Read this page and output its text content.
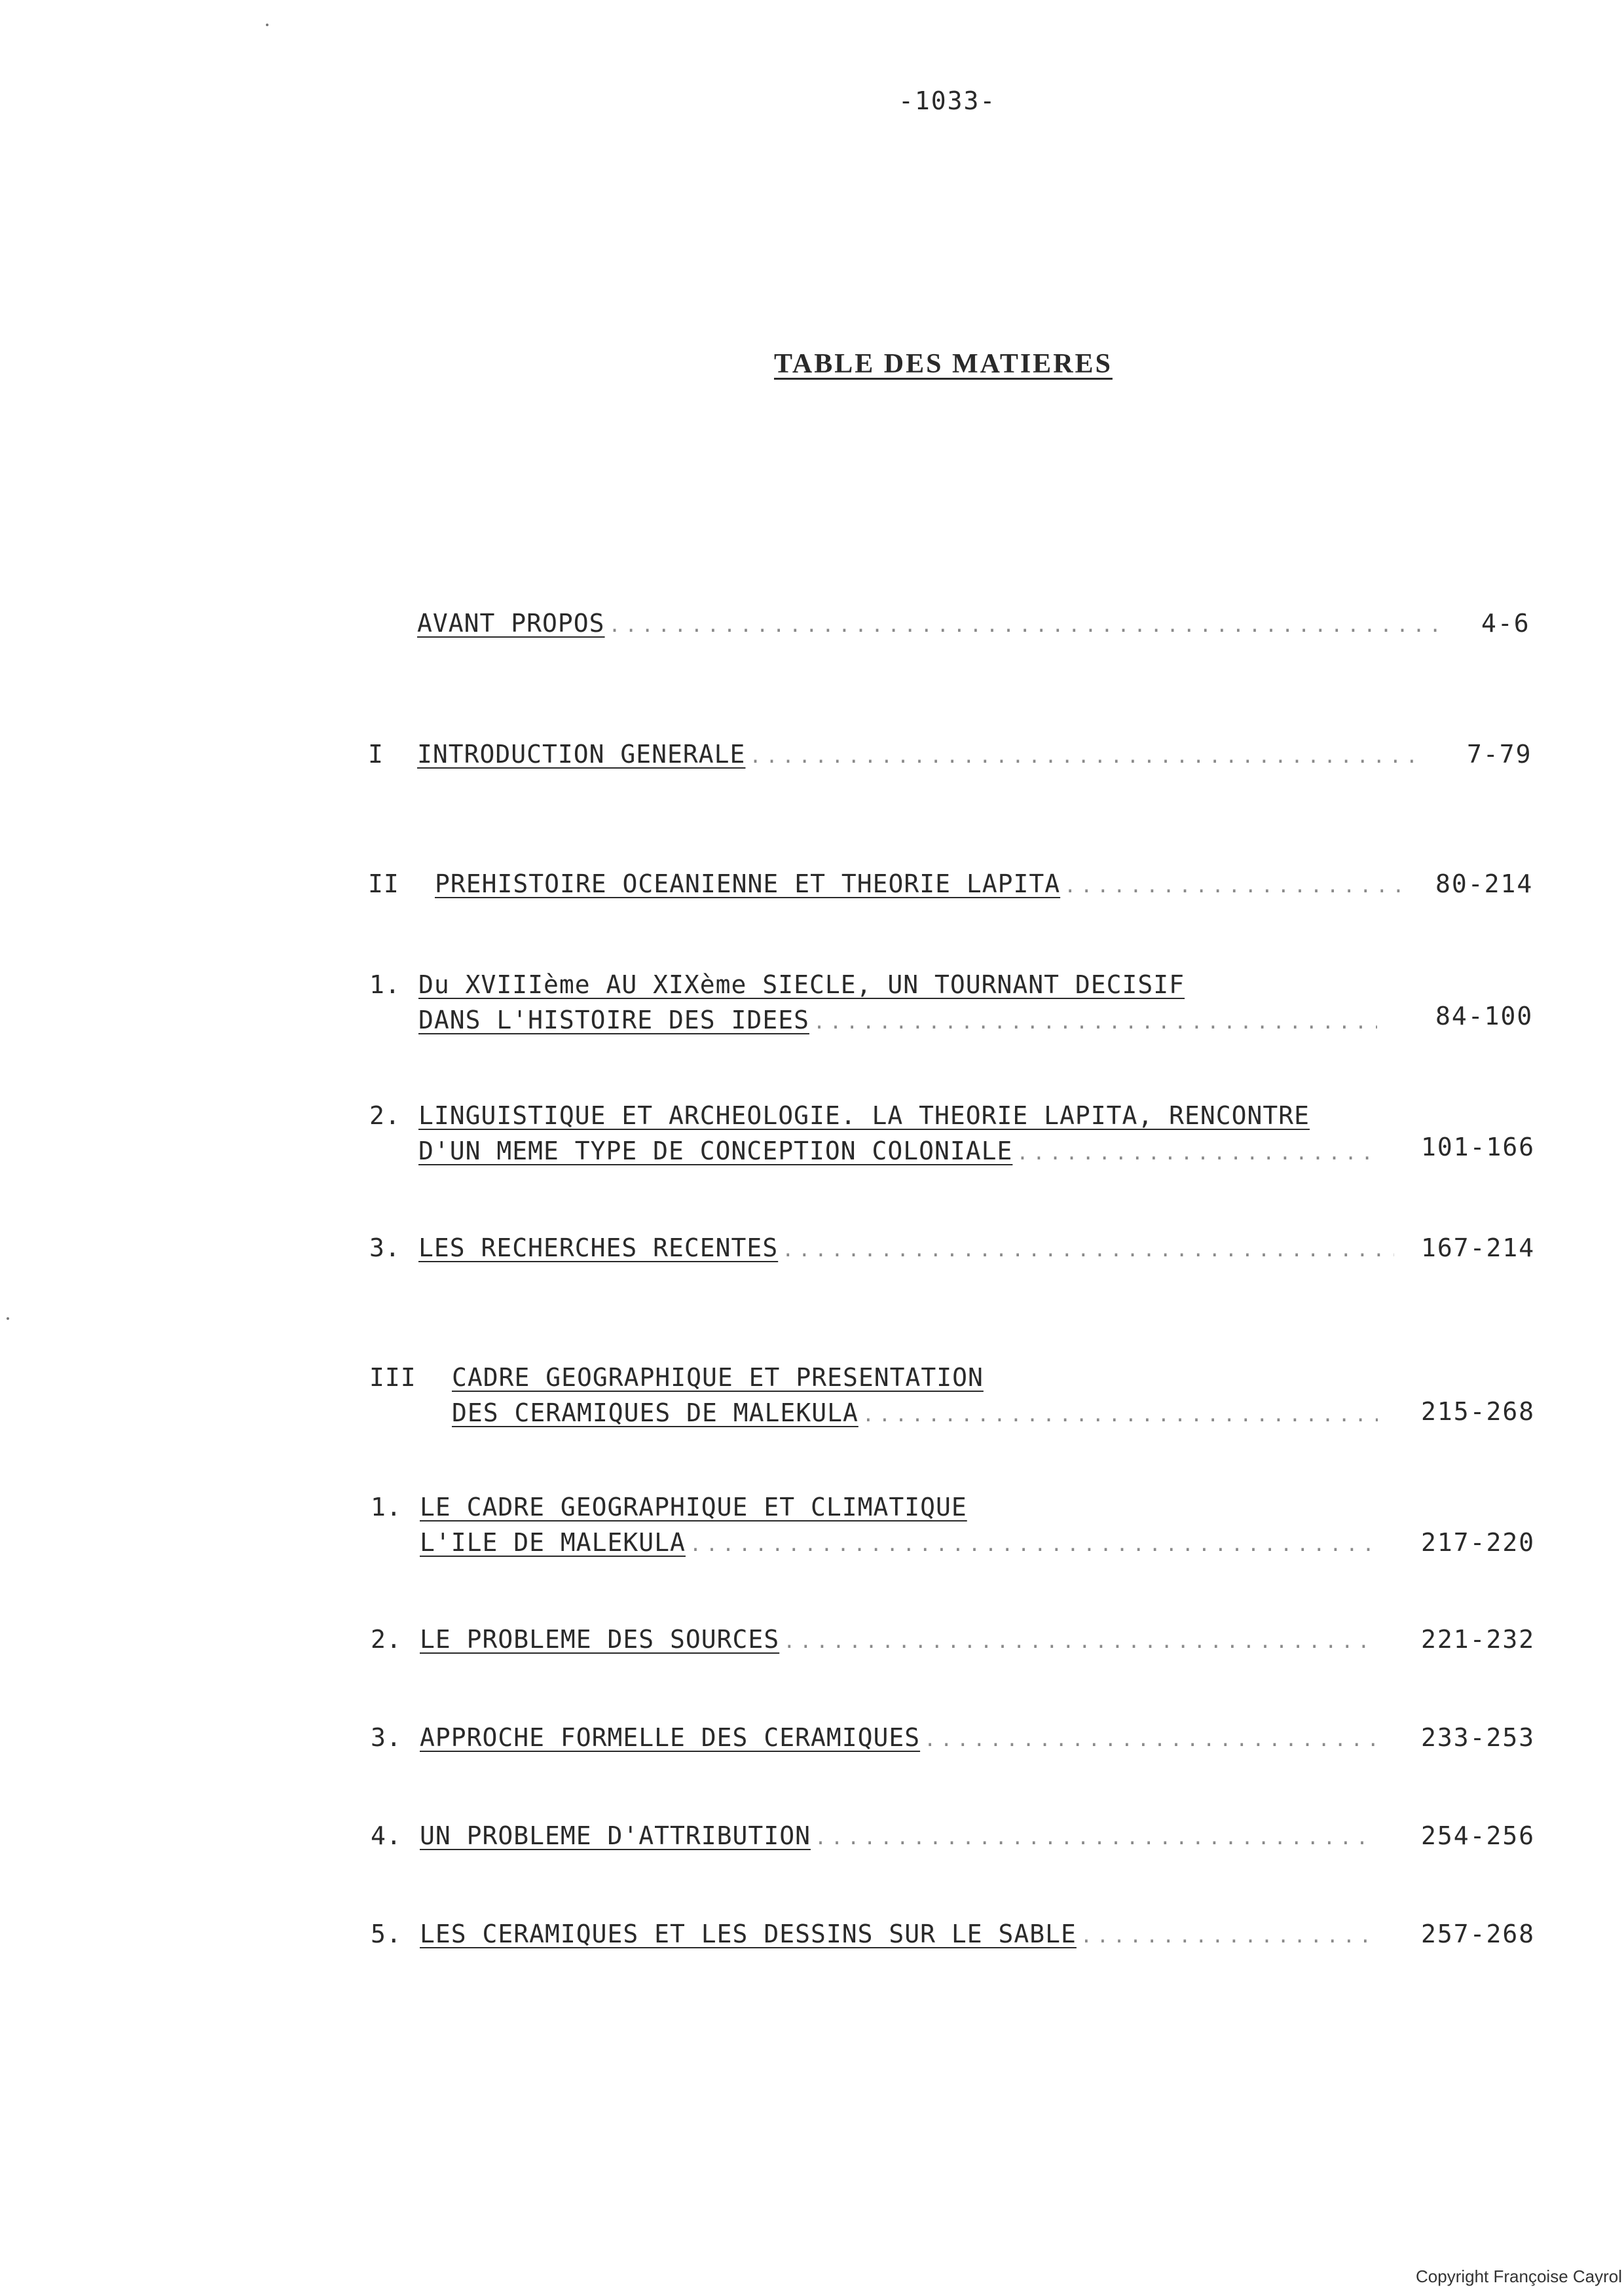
-1033-
TABLE DES MATIERES
AVANT PROPOS .....	4-6
I INTRODUCTION GENERALE .....	7-79
II PREHISTOIRE OCEANIENNE ET THEORIE LAPITA .....	80-214
1. Du XVIIIème AU XIXème SIECLE, UN TOURNANT DECISIF
DANS L'HISTOIRE DES IDEES .....	84-100
2. LINGUISTIQUE ET ARCHEOLOGIE. LA THEORIE LAPITA, RENCONTRE
D'UN MEME TYPE DE CONCEPTION COLONIALE .....	101-166
3. LES RECHERCHES RECENTES .....	167-214
III CADRE GEOGRAPHIQUE ET PRESENTATION
DES CERAMIQUES DE MALEKULA .....	215-268
1. LE CADRE GEOGRAPHIQUE ET CLIMATIQUE
L'ILE DE MALEKULA .....	217-220
2. LE PROBLEME DES SOURCES .....	221-232
3. APPROCHE FORMELLE DES CERAMIQUES .....	233-253
4. UN PROBLEME D'ATTRIBUTION .....	254-256
5. LES CERAMIQUES ET LES DESSINS SUR LE SABLE .....	257-268
Copyright Françoise Cayrol
